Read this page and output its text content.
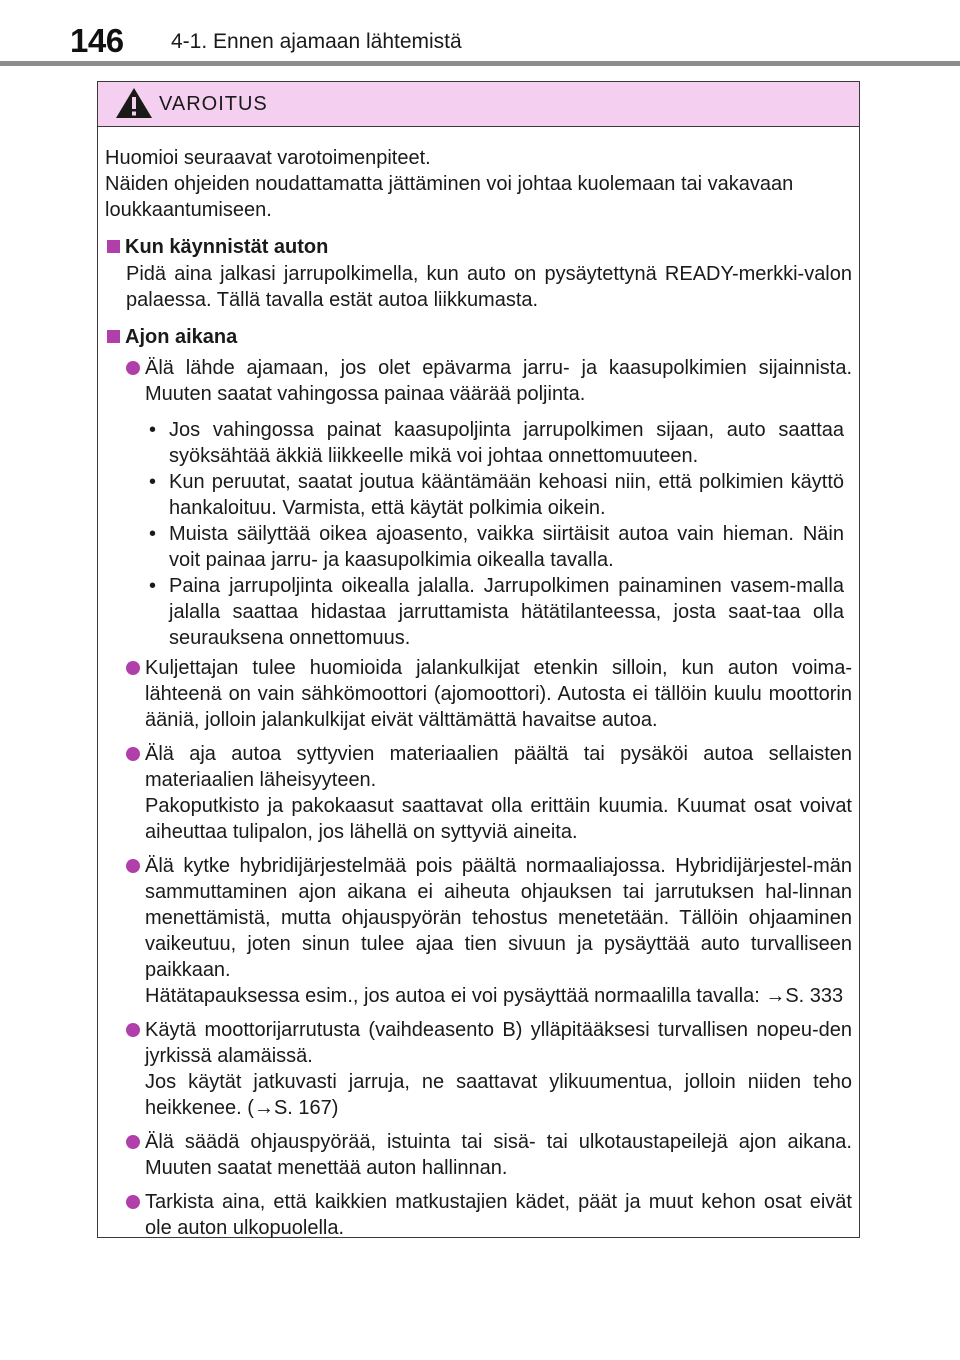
146 4-1. Ennen ajamaan lähtemistä
VAROITUS

Huomioi seuraavat varotoimenpiteet.

Näiden ohjeiden noudattamatta jättäminen voi johtaa kuolemaan tai vakavaan loukkaantumiseen.

Kun käynnistät auton
Pidä aina jalkasi jarrupolkimella, kun auto on pysäytettynä READY-merkki-valon palaessa. Tällä tavalla estät autoa liikkumasta.
Ajon aikana

Älä lähde ajamaan, jos olet epävarma jarru- ja kaasupolkimien sijainnista. Muuten saatat vahingossa painaa väärää poljinta.

• Jos vahingossa painat kaasupoljinta jarrupolkimen sijaan, auto saattaa syöksähtää äkkiä liikkeelle mikä voi johtaa onnettomuuteen.
• Kun peruutat, saatat joutua kääntämään kehoasi niin, että polkimien käyttö hankaloituu. Varmista, että käytät polkimia oikein.
• Muista säilyttää oikea ajoasento, vaikka siirtäisit autoa vain hieman. Näin voit painaa jarru- ja kaasupolkimia oikealla tavalla.
• Paina jarrupoljinta oikealla jalalla. Jarrupolkimen painaminen vasem-malla jalalla saattaa hidastaa jarruttamista hätätilanteessa, josta saat-taa olla seurauksena onnettomuus.

Kuljettajan tulee huomioida jalankulkijat etenkin silloin, kun auton voima-lähteenä on vain sähkömoottori (ajomoottori). Autosta ei tällöin kuulu moottorin ääniä, jolloin jalankulkijat eivät välttämättä havaitse autoa.

Älä aja autoa syttyvien materiaalien päältä tai pysäköi autoa sellaisten materiaalien läheisyyteen.

Pakoputkisto ja pakokaasut saattavat olla erittäin kuumia. Kuumat osat voivat aiheuttaa tulipalon, jos lähellä on syttyviä aineita.

Älä kytke hybridijärjestelmää pois päältä normaaliajossa. Hybridijärjestel-män sammuttaminen ajon aikana ei aiheuta ohjauksen tai jarrutuksen hal-linnan menettämistä, mutta ohjauspyörän tehostus menetetään. Tällöin ohjaaminen vaikeutuu, joten sinun tulee ajaa tien sivuun ja pysäyttää auto turvalliseen paikkaan.

Hätätapauksessa esim., jos autoa ei voi pysäyttää normaalilla tavalla: →S. 333

Käytä moottorijarrutusta (vaihdeasento B) ylläpitääksesi turvallisen nopeu-den jyrkissä alamäissä.

Jos käytät jatkuvasti jarruja, ne saattavat ylikuumentua, jolloin niiden teho heikkenee. (→S. 167)

Älä säädä ohjauspyörää, istuinta tai sisä- tai ulkotaustapeilejä ajon aikana. Muuten saatat menettää auton hallinnan.

Tarkista aina, että kaikkien matkustajien kädet, päät ja muut kehon osat eivät ole auton ulkopuolella.
